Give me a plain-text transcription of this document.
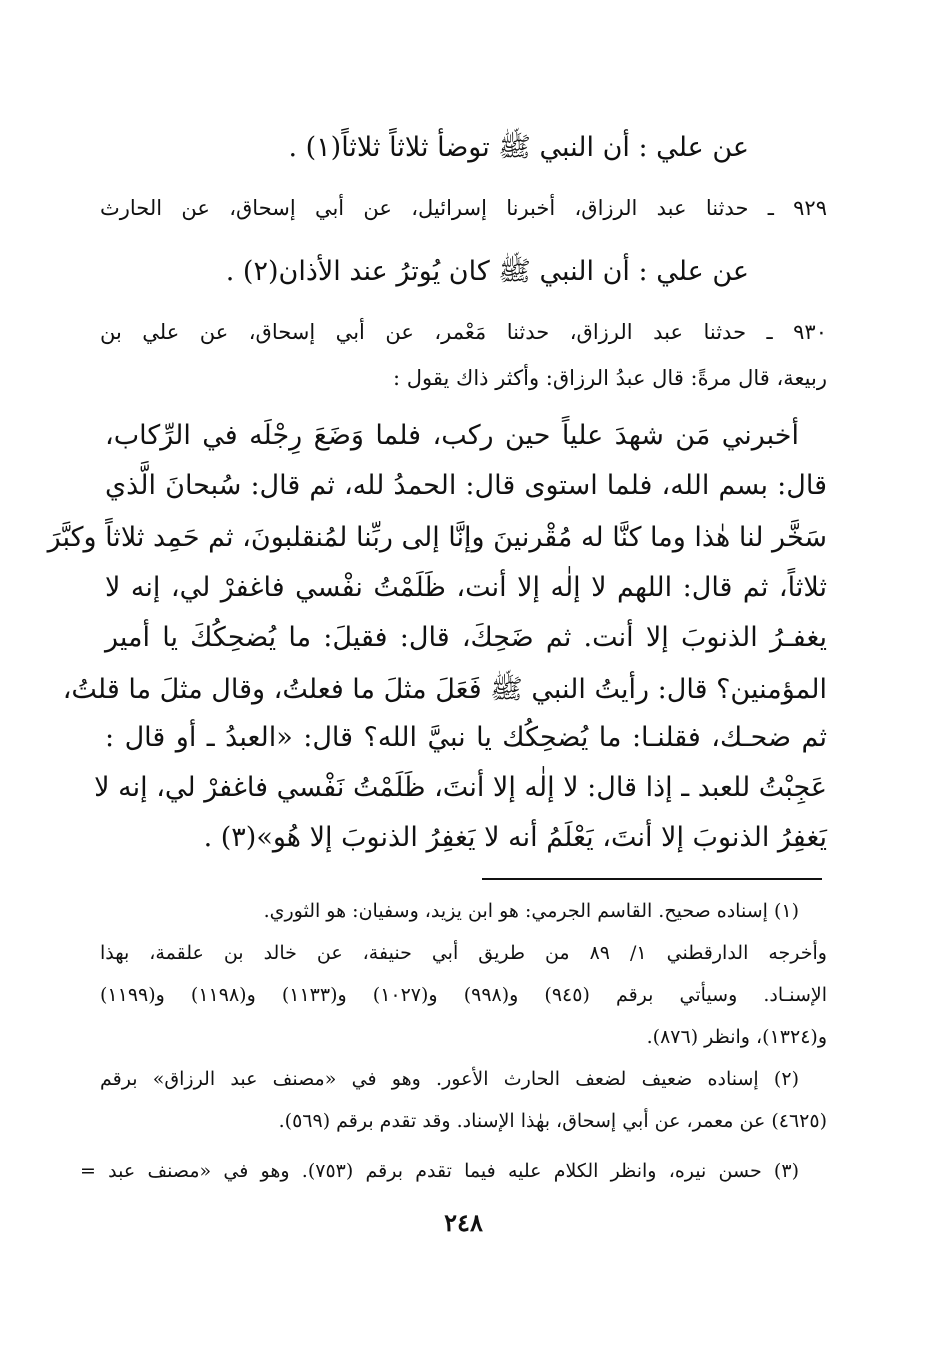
عن علي : أن النبي ﷺ توضأ ثلاثاً ثلاثاً(١) .
٩٢٩ ـ حدثنا عبد الرزاق، أخبرنا إسرائيل، عن أبي إسحاق، عن الحارث
عن علي : أن النبي ﷺ كان يُوترُ عند الأذان(٢) .
٩٣٠ ـ حدثنا عبد الرزاق، حدثنا مَعْمر، عن أبي إسحاق، عن علي بن
ربيعة، قال مرةً: قال عبدُ الرزاق: وأكثر ذاك يقول :
أخبرني مَن شهدَ علياً حين ركب، فلما وَضَعَ رِجْلَه في الرِّكاب،
قال: بسم الله، فلما استوى قال: الحمدُ لله، ثم قال: سُبحانَ الَّذي
سَخَّر لنا هٰذا وما كنَّا له مُقْرنينَ وإنَّا إلى ربِّنا لمُنقلبونَ، ثم حَمِد ثلاثاً وكبَّرَ
ثلاثاً، ثم قال: اللهم لا إلٰه إلا أنت، ظَلَمْتُ نفْسي فاغفرْ لي، إنه لا
يغفـرُ الذنوبَ إلا أنت. ثم ضَحِكَ، قال: فقيلَ: ما يُضحِكُكَ يا أمير
المؤمنين؟ قال: رأيتُ النبي ﷺ فَعَلَ مثلَ ما فعلتُ، وقال مثلَ ما قلتُ،
ثم ضحـك، فقلنـا: ما يُضحِكُك يا نبيَّ الله؟ قال: «العبدُ ـ أو قال :
عَجِبْتُ للعبد ـ إذا قال: لا إلٰه إلا أنتَ، ظَلَمْتُ نَفْسي فاغفرْ لي، إنه لا
يَغفِرُ الذنوبَ إلا أنتَ، يَعْلَمُ أنه لا يَغفِرُ الذنوبَ إلا هُو»(٣) .
(١) إسناده صحيح. القاسم الجرمي: هو ابن يزيد، وسفيان: هو الثوري.
وأخرجه الدارقطني ١/ ٨٩ من طريق أبي حنيفة، عن خالد بن علقمة، بهذا
الإسنـاد. وسيأتي برقم (٩٤٥) و(٩٩٨) و(١٠٢٧) و(١١٣٣) و(١١٩٨) و(١١٩٩)
و(١٣٢٤)، وانظر (٨٧٦).
(٢) إسناده ضعيف لضعف الحارث الأعور. وهو في «مصنف عبد الرزاق» برقم
(٤٦٢٥) عن معمر، عن أبي إسحاق، بهٰذا الإسناد. وقد تقدم برقم (٥٦٩).
(٣) حسن نيره، وانظر الكلام عليه فيما تقدم برقم (٧٥٣). وهو في «مصنف عبد =
٢٤٨
